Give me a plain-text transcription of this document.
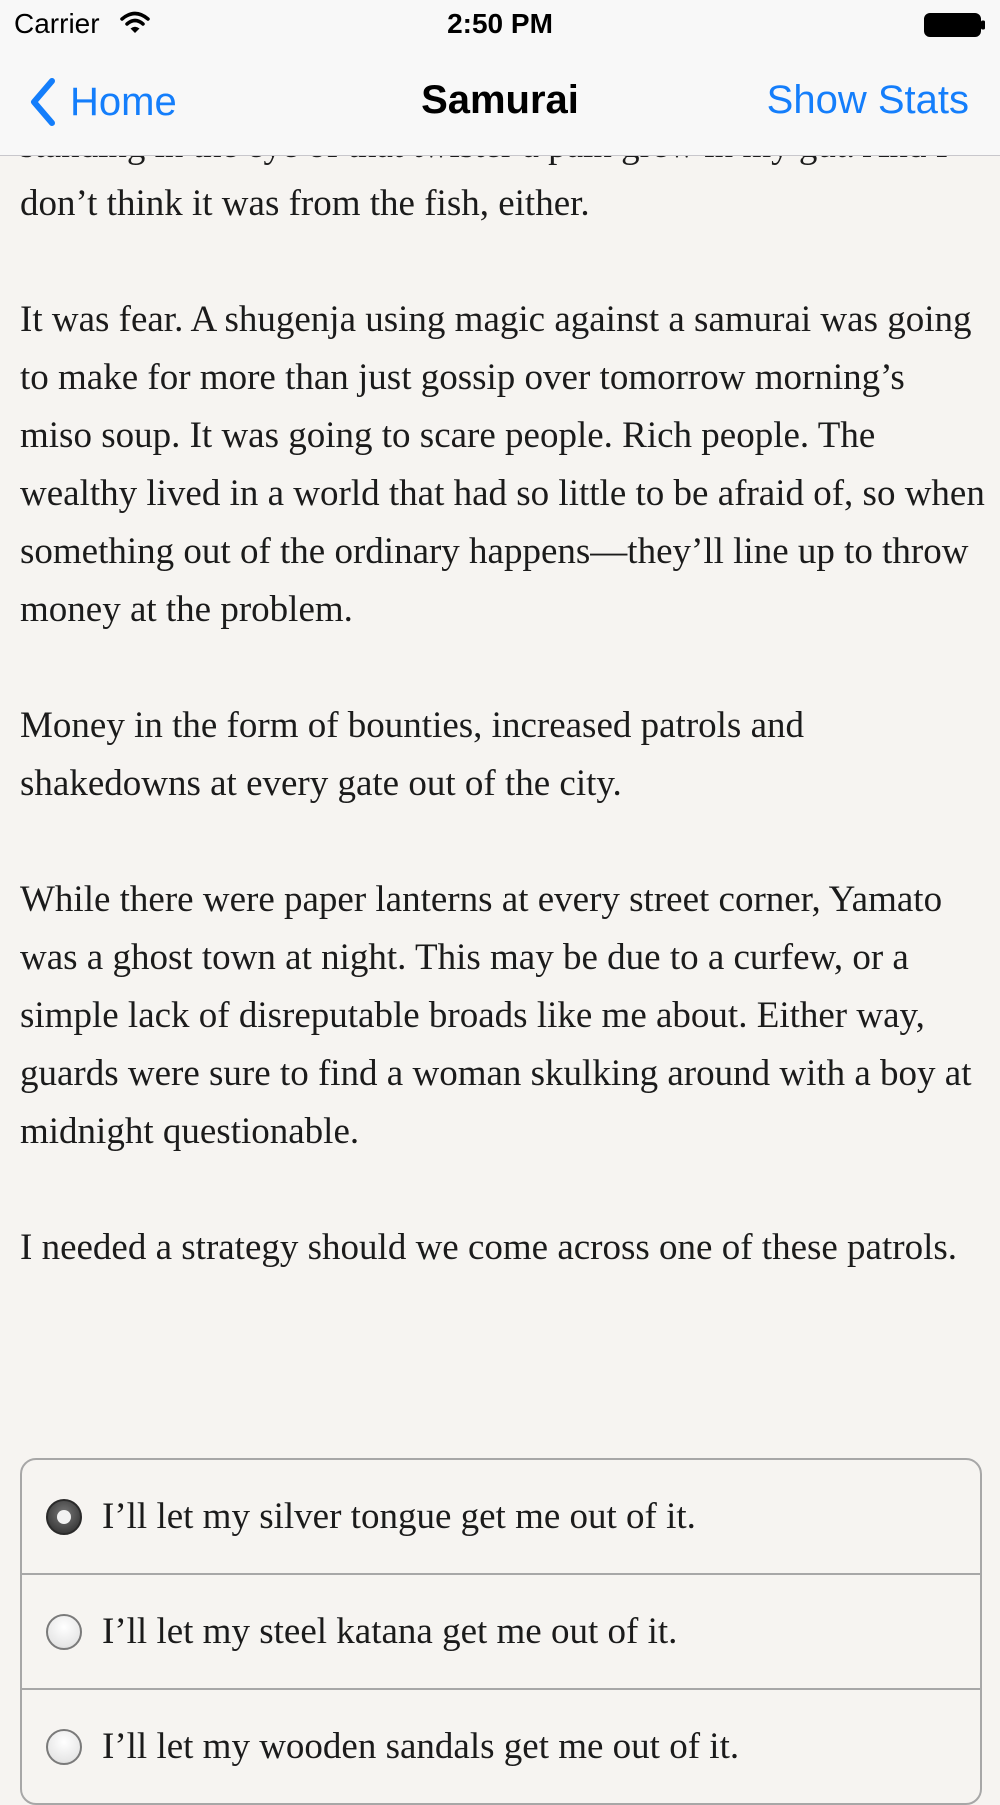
don’t think it was from the fish, either.

It was fear. A shugenja using magic against a samurai was going to make for more than just gossip over tomorrow morning’s miso soup. It was going to scare people. Rich people. The wealthy lived in a world that had so little to be afraid of, so when something out of the ordinary happens—they’ll line up to throw money at the problem.

Money in the form of bounties, increased patrols and shakedowns at every gate out of the city.

While there were paper lanterns at every street corner, Yamato was a ghost town at night. This may be due to a curfew, or a simple lack of disreputable broads like me about. Either way, guards were sure to find a woman skulking around with a boy at midnight questionable.

I needed a strategy should we come across one of these patrols.

I’ll let my silver tongue get me out of it.
I’ll let my steel katana get me out of it.
I’ll let my wooden sandals get me out of it.
Carrier	2:50 PM
Home	Samurai	Show Stats
